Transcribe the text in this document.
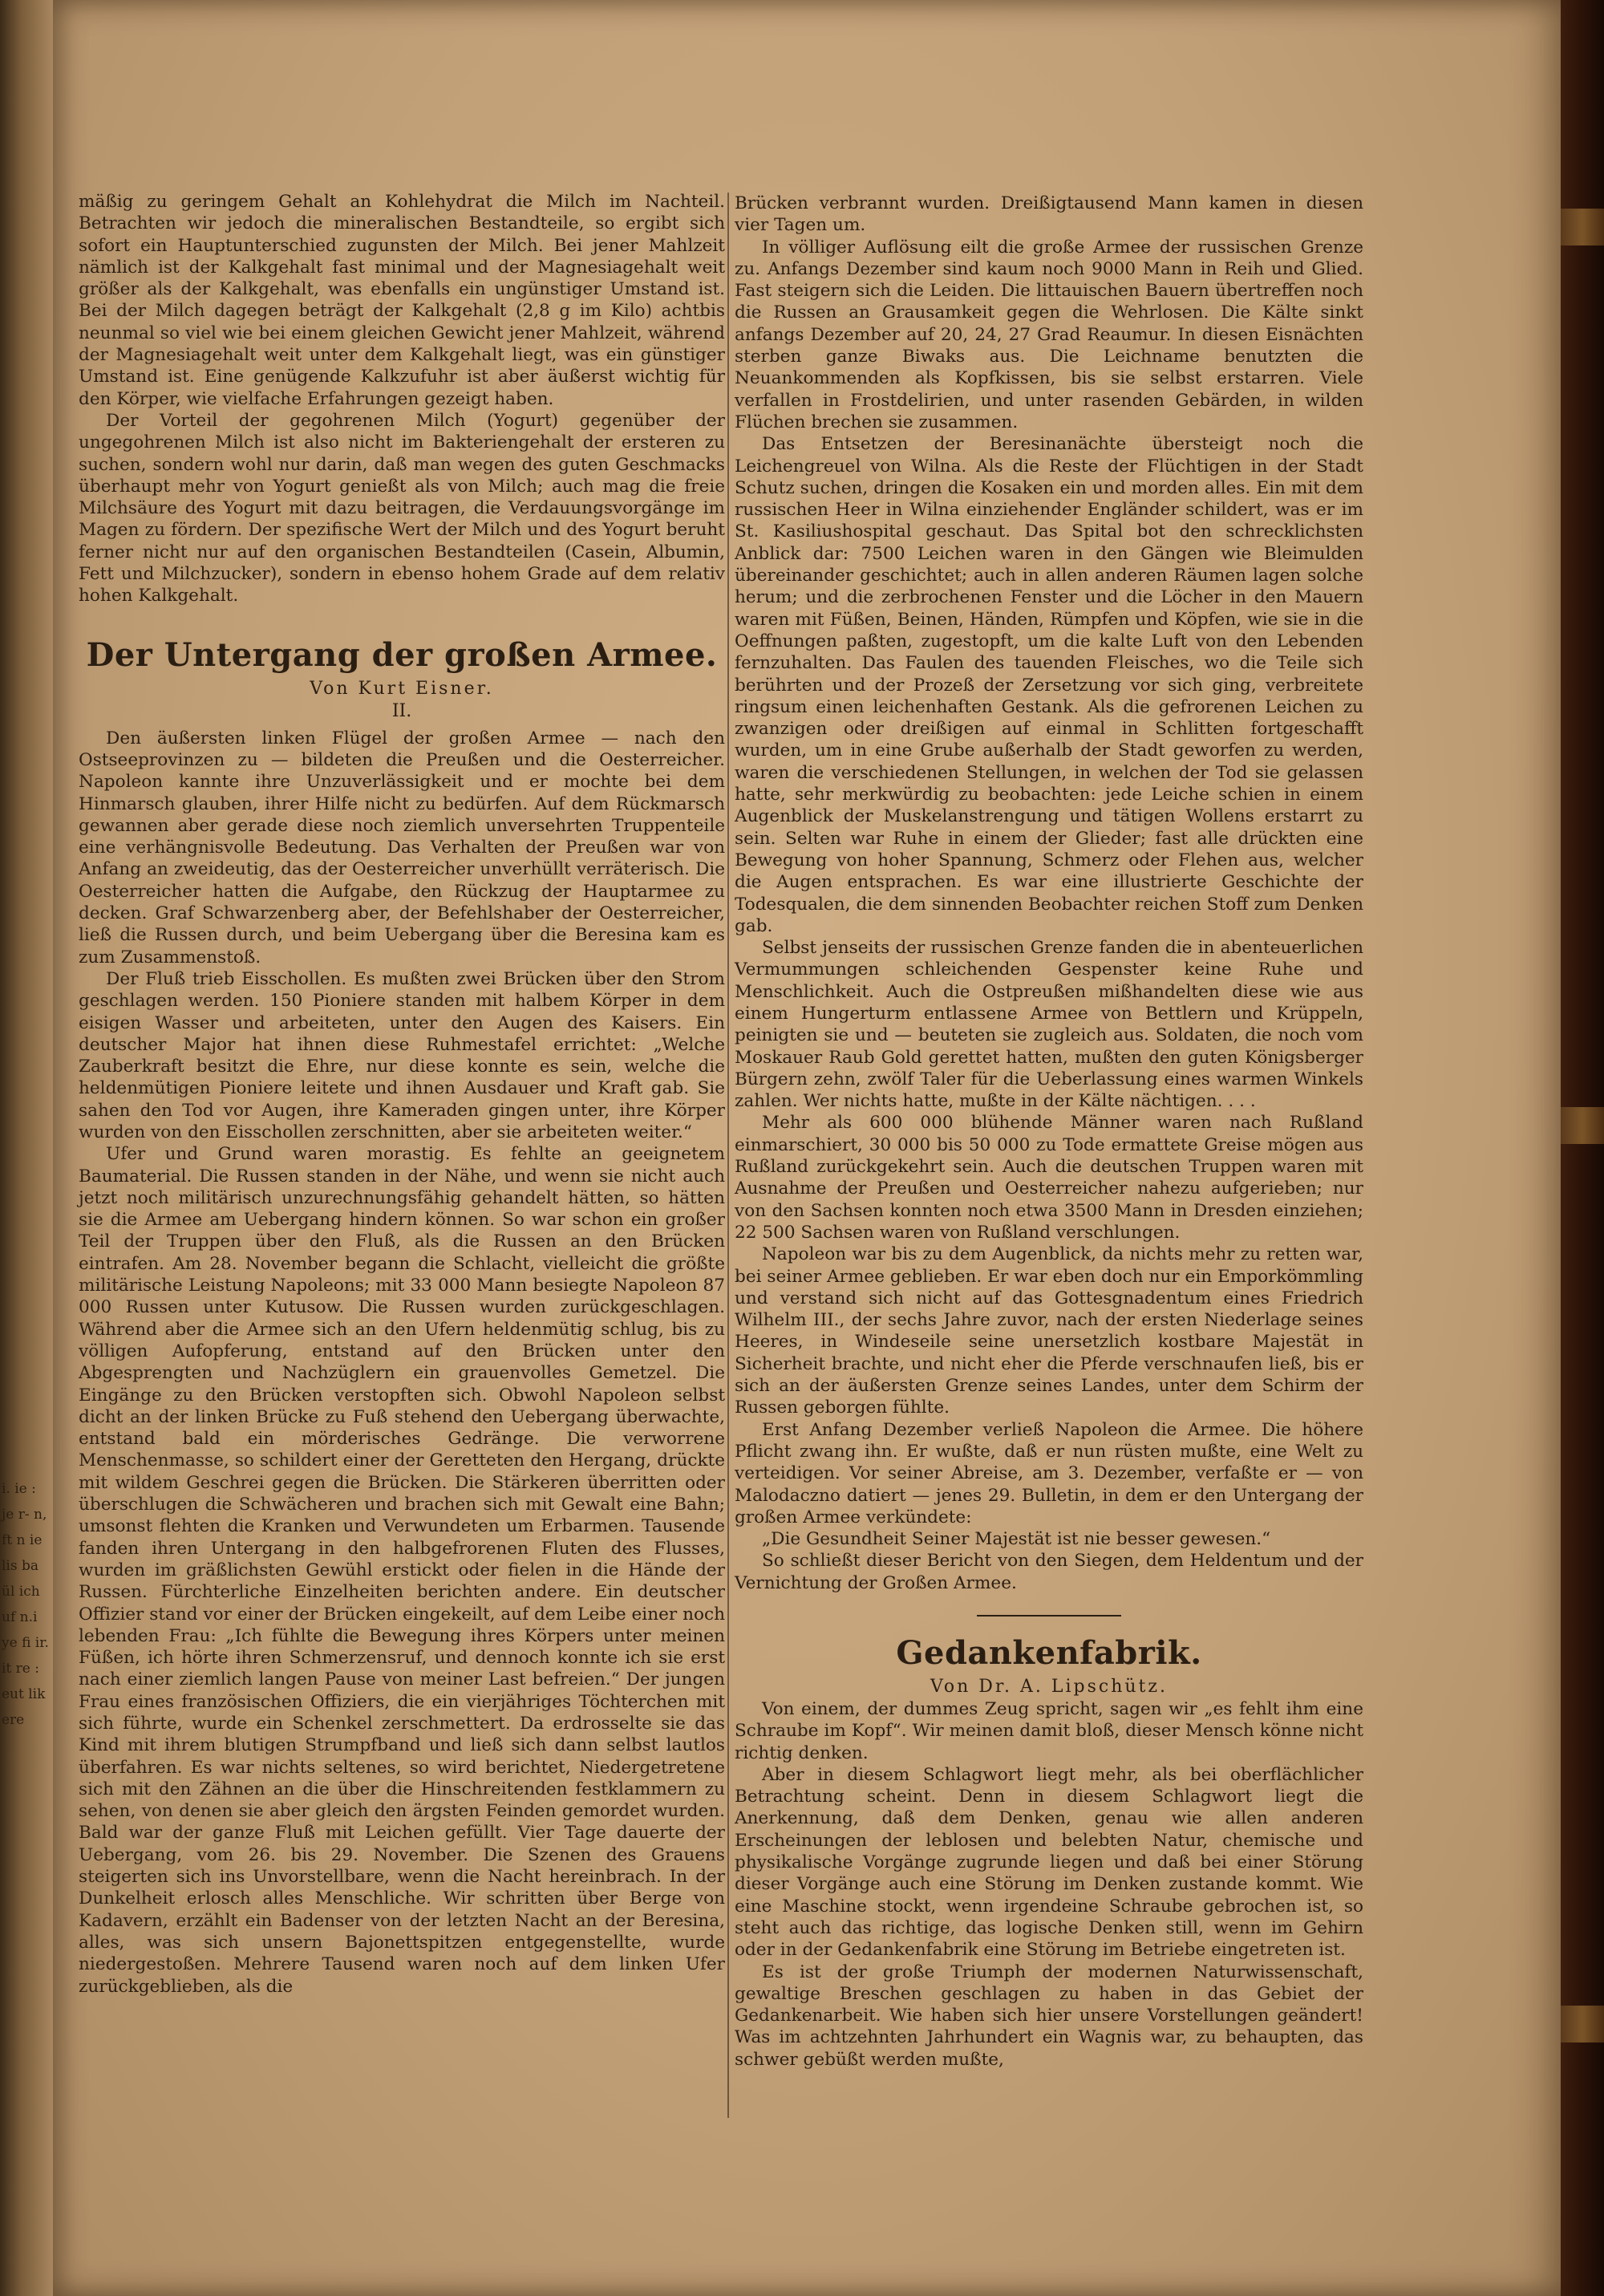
i. ie : je r- n, ft n ie lis ba ül ich uf n.i ye fi ir. it re : eut lik ere

mäßig zu geringem Gehalt an Kohlehydrat die Milch im Nachteil. Betrachten wir jedoch die mineralischen Bestandteile, so ergibt sich sofort ein Hauptunterschied zugunsten der Milch. Bei jener Mahlzeit nämlich ist der Kalkgehalt fast minimal und der Magnesiagehalt weit größer als der Kalkgehalt, was ebenfalls ein ungünstiger Umstand ist. Bei der Milch dagegen beträgt der Kalkgehalt (2,8 g im Kilo) achtbis neunmal so viel wie bei einem gleichen Gewicht jener Mahlzeit, während der Magnesiagehalt weit unter dem Kalkgehalt liegt, was ein günstiger Umstand ist. Eine genügende Kalkzufuhr ist aber äußerst wichtig für den Körper, wie vielfache Erfahrungen gezeigt haben.

Der Vorteil der gegohrenen Milch (Yogurt) gegenüber der ungegohrenen Milch ist also nicht im Bakteriengehalt der ersteren zu suchen, sondern wohl nur darin, daß man wegen des guten Geschmacks überhaupt mehr von Yogurt genießt als von Milch; auch mag die freie Milchsäure des Yogurt mit dazu beitragen, die Verdauungsvorgänge im Magen zu fördern. Der spezifische Wert der Milch und des Yogurt beruht ferner nicht nur auf den organischen Bestandteilen (Casein, Albumin, Fett und Milchzucker), sondern in ebenso hohem Grade auf dem relativ hohen Kalkgehalt.

Der Untergang der großen Armee.
Von Kurt Eisner.
II.

Den äußersten linken Flügel der großen Armee — nach den Ostseeprovinzen zu — bildeten die Preußen und die Oesterreicher. Napoleon kannte ihre Unzuverlässigkeit und er mochte bei dem Hinmarsch glauben, ihrer Hilfe nicht zu bedürfen. Auf dem Rückmarsch gewannen aber gerade diese noch ziemlich unversehrten Truppenteile eine verhängnisvolle Bedeutung. Das Verhalten der Preußen war von Anfang an zweideutig, das der Oesterreicher unverhüllt verräterisch. Die Oesterreicher hatten die Aufgabe, den Rückzug der Hauptarmee zu decken. Graf Schwarzenberg aber, der Befehlshaber der Oesterreicher, ließ die Russen durch, und beim Uebergang über die Beresina kam es zum Zusammenstoß.

Der Fluß trieb Eisschollen. Es mußten zwei Brücken über den Strom geschlagen werden. 150 Pioniere standen mit halbem Körper in dem eisigen Wasser und arbeiteten, unter den Augen des Kaisers. Ein deutscher Major hat ihnen diese Ruhmestafel errichtet: „Welche Zauberkraft besitzt die Ehre, nur diese konnte es sein, welche die heldenmütigen Pioniere leitete und ihnen Ausdauer und Kraft gab. Sie sahen den Tod vor Augen, ihre Kameraden gingen unter, ihre Körper wurden von den Eisschollen zerschnitten, aber sie arbeiteten weiter.“

Ufer und Grund waren morastig. Es fehlte an geeignetem Baumaterial. Die Russen standen in der Nähe, und wenn sie nicht auch jetzt noch militärisch unzurechnungsfähig gehandelt hätten, so hätten sie die Armee am Uebergang hindern können. So war schon ein großer Teil der Truppen über den Fluß, als die Russen an den Brücken eintrafen. Am 28. November begann die Schlacht, vielleicht die größte militärische Leistung Napoleons; mit 33 000 Mann besiegte Napoleon 87 000 Russen unter Kutusow. Die Russen wurden zurückgeschlagen. Während aber die Armee sich an den Ufern heldenmütig schlug, bis zu völligen Aufopferung, entstand auf den Brücken unter den Abgesprengten und Nachzüglern ein grauenvolles Gemetzel. Die Eingänge zu den Brücken verstopften sich. Obwohl Napoleon selbst dicht an der linken Brücke zu Fuß stehend den Uebergang überwachte, entstand bald ein mörderisches Gedränge. Die verworrene Menschenmasse, so schildert einer der Geretteten den Hergang, drückte mit wildem Geschrei gegen die Brücken. Die Stärkeren überritten oder überschlugen die Schwächeren und brachen sich mit Gewalt eine Bahn; umsonst flehten die Kranken und Verwundeten um Erbarmen. Tausende fanden ihren Untergang in den halbgefrorenen Fluten des Flusses, wurden im gräßlichsten Gewühl erstickt oder fielen in die Hände der Russen. Fürchterliche Einzelheiten berichten andere. Ein deutscher Offizier stand vor einer der Brücken eingekeilt, auf dem Leibe einer noch lebenden Frau: „Ich fühlte die Bewegung ihres Körpers unter meinen Füßen, ich hörte ihren Schmerzensruf, und dennoch konnte ich sie erst nach einer ziemlich langen Pause von meiner Last befreien.“ Der jungen Frau eines französischen Offiziers, die ein vierjähriges Töchterchen mit sich führte, wurde ein Schenkel zerschmettert. Da erdrosselte sie das Kind mit ihrem blutigen Strumpfband und ließ sich dann selbst lautlos überfahren. Es war nichts seltenes, so wird berichtet, Niedergetretene sich mit den Zähnen an die über die Hinschreitenden festklammern zu sehen, von denen sie aber gleich den ärgsten Feinden gemordet wurden. Bald war der ganze Fluß mit Leichen gefüllt. Vier Tage dauerte der Uebergang, vom 26. bis 29. November. Die Szenen des Grauens steigerten sich ins Unvorstellbare, wenn die Nacht hereinbrach. In der Dunkelheit erlosch alles Menschliche. Wir schritten über Berge von Kadavern, erzählt ein Badenser von der letzten Nacht an der Beresina, alles, was sich unsern Bajonettspitzen entgegenstellte, wurde niedergestoßen. Mehrere Tausend waren noch auf dem linken Ufer zurückgeblieben, als die

Brücken verbrannt wurden. Dreißigtausend Mann kamen in diesen vier Tagen um.

In völliger Auflösung eilt die große Armee der russischen Grenze zu. Anfangs Dezember sind kaum noch 9000 Mann in Reih und Glied. Fast steigern sich die Leiden. Die littauischen Bauern übertreffen noch die Russen an Grausamkeit gegen die Wehrlosen. Die Kälte sinkt anfangs Dezember auf 20, 24, 27 Grad Reaumur. In diesen Eisnächten sterben ganze Biwaks aus. Die Leichname benutzten die Neuankommenden als Kopfkissen, bis sie selbst erstarren. Viele verfallen in Frostdelirien, und unter rasenden Gebärden, in wilden Flüchen brechen sie zusammen.

Das Entsetzen der Beresinanächte übersteigt noch die Leichengreuel von Wilna. Als die Reste der Flüchtigen in der Stadt Schutz suchen, dringen die Kosaken ein und morden alles. Ein mit dem russischen Heer in Wilna einziehender Engländer schildert, was er im St. Kasiliushospital geschaut. Das Spital bot den schrecklichsten Anblick dar: 7500 Leichen waren in den Gängen wie Bleimulden übereinander geschichtet; auch in allen anderen Räumen lagen solche herum; und die zerbrochenen Fenster und die Löcher in den Mauern waren mit Füßen, Beinen, Händen, Rümpfen und Köpfen, wie sie in die Oeffnungen paßten, zugestopft, um die kalte Luft von den Lebenden fernzuhalten. Das Faulen des tauenden Fleisches, wo die Teile sich berührten und der Prozeß der Zersetzung vor sich ging, verbreitete ringsum einen leichenhaften Gestank. Als die gefrorenen Leichen zu zwanzigen oder dreißigen auf einmal in Schlitten fortgeschafft wurden, um in eine Grube außerhalb der Stadt geworfen zu werden, waren die verschiedenen Stellungen, in welchen der Tod sie gelassen hatte, sehr merkwürdig zu beobachten: jede Leiche schien in einem Augenblick der Muskelanstrengung und tätigen Wollens erstarrt zu sein. Selten war Ruhe in einem der Glieder; fast alle drückten eine Bewegung von hoher Spannung, Schmerz oder Flehen aus, welcher die Augen entsprachen. Es war eine illustrierte Geschichte der Todesqualen, die dem sinnenden Beobachter reichen Stoff zum Denken gab.

Selbst jenseits der russischen Grenze fanden die in abenteuerlichen Vermummungen schleichenden Gespenster keine Ruhe und Menschlichkeit. Auch die Ostpreußen mißhandelten diese wie aus einem Hungerturm entlassene Armee von Bettlern und Krüppeln, peinigten sie und — beuteten sie zugleich aus. Soldaten, die noch vom Moskauer Raub Gold gerettet hatten, mußten den guten Königsberger Bürgern zehn, zwölf Taler für die Ueberlassung eines warmen Winkels zahlen. Wer nichts hatte, mußte in der Kälte nächtigen. . . .

Mehr als 600 000 blühende Männer waren nach Rußland einmarschiert, 30 000 bis 50 000 zu Tode ermattete Greise mögen aus Rußland zurückgekehrt sein. Auch die deutschen Truppen waren mit Ausnahme der Preußen und Oesterreicher nahezu aufgerieben; nur von den Sachsen konnten noch etwa 3500 Mann in Dresden einziehen; 22 500 Sachsen waren von Rußland verschlungen.

Napoleon war bis zu dem Augenblick, da nichts mehr zu retten war, bei seiner Armee geblieben. Er war eben doch nur ein Emporkömmling und verstand sich nicht auf das Gottesgnadentum eines Friedrich Wilhelm III., der sechs Jahre zuvor, nach der ersten Niederlage seines Heeres, in Windeseile seine unersetzlich kostbare Majestät in Sicherheit brachte, und nicht eher die Pferde verschnaufen ließ, bis er sich an der äußersten Grenze seines Landes, unter dem Schirm der Russen geborgen fühlte.

Erst Anfang Dezember verließ Napoleon die Armee. Die höhere Pflicht zwang ihn. Er wußte, daß er nun rüsten mußte, eine Welt zu verteidigen. Vor seiner Abreise, am 3. Dezember, verfaßte er — von Malodaczno datiert — jenes 29. Bulletin, in dem er den Untergang der großen Armee verkündete:

„Die Gesundheit Seiner Majestät ist nie besser gewesen.“

So schließt dieser Bericht von den Siegen, dem Heldentum und der Vernichtung der Großen Armee.

Gedankenfabrik.
Von Dr. A. Lipschütz.

Von einem, der dummes Zeug spricht, sagen wir „es fehlt ihm eine Schraube im Kopf“. Wir meinen damit bloß, dieser Mensch könne nicht richtig denken.

Aber in diesem Schlagwort liegt mehr, als bei oberflächlicher Betrachtung scheint. Denn in diesem Schlagwort liegt die Anerkennung, daß dem Denken, genau wie allen anderen Erscheinungen der leblosen und belebten Natur, chemische und physikalische Vorgänge zugrunde liegen und daß bei einer Störung dieser Vorgänge auch eine Störung im Denken zustande kommt. Wie eine Maschine stockt, wenn irgendeine Schraube gebrochen ist, so steht auch das richtige, das logische Denken still, wenn im Gehirn oder in der Gedankenfabrik eine Störung im Betriebe eingetreten ist.

Es ist der große Triumph der modernen Naturwissenschaft, gewaltige Breschen geschlagen zu haben in das Gebiet der Gedankenarbeit. Wie haben sich hier unsere Vorstellungen geändert! Was im achtzehnten Jahrhundert ein Wagnis war, zu behaupten, das schwer gebüßt werden mußte,
